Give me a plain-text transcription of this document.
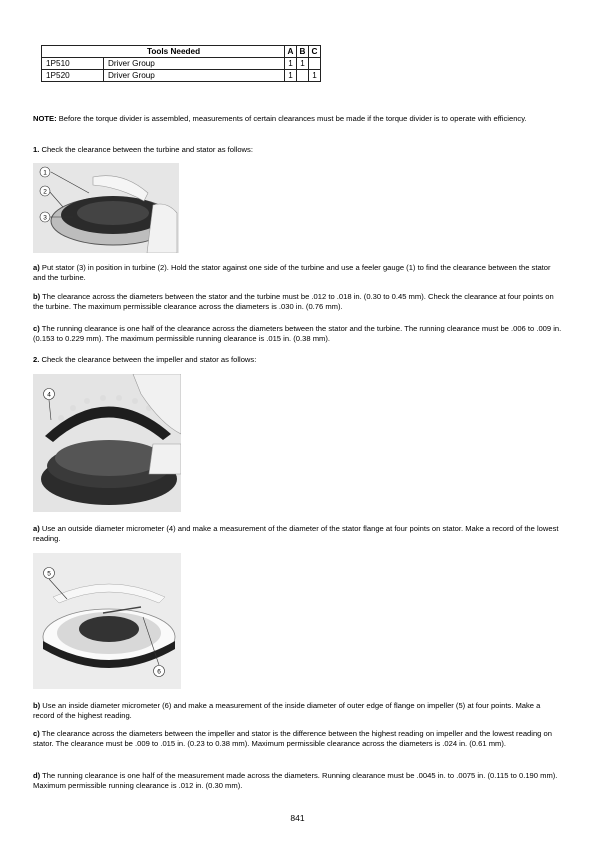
Tools Needed		A	B	C
1P510	Driver Group	1	1	
1P520	Driver Group	1		1

NOTE: Before the torque divider is assembled, measurements of certain clearances must be made if the torque divider is to operate with efficiency.

1. Check the clearance between the turbine and stator as follows:

1
2
3

a) Put stator (3) in position in turbine (2). Hold the stator against one side of the turbine and use a feeler gauge (1) to find the clearance between the stator and the turbine.

b) The clearance across the diameters between the stator and the turbine must be .012 to .018 in. (0.30 to 0.45 mm). Check the clearance at four points on the turbine. The maximum permissible clearance across the diameters is .030 in. (0.76 mm).

c) The running clearance is one half of the clearance across the diameters between the stator and the turbine. The running clearance must be .006 to .009 in. (0.153 to 0.229 mm). The maximum permissible running clearance is .015 in. (0.38 mm).

2. Check the clearance between the impeller and stator as follows:

4

a) Use an outside diameter micrometer (4) and make a measurement of the diameter of the stator flange at four points on stator. Make a record of the lowest reading.

5
6

b) Use an inside diameter micrometer (6) and make a measurement of the inside diameter of outer edge of flange on impeller (5) at four points. Make a record of the highest reading.

c) The clearance across the diameters between the impeller and stator is the difference between the highest reading on impeller and the lowest reading on stator. The clearance must be .009 to .015 in. (0.23 to 0.38 mm). Maximum permissible clearance across the diameters is .024 in. (0.61 mm).

d) The running clearance is one half of the measurement made across the diameters. Running clearance must be .0045 in. to .0075 in. (0.115 to 0.190 mm). Maximum permissible running clearance is .012 in. (0.30 mm).

841
